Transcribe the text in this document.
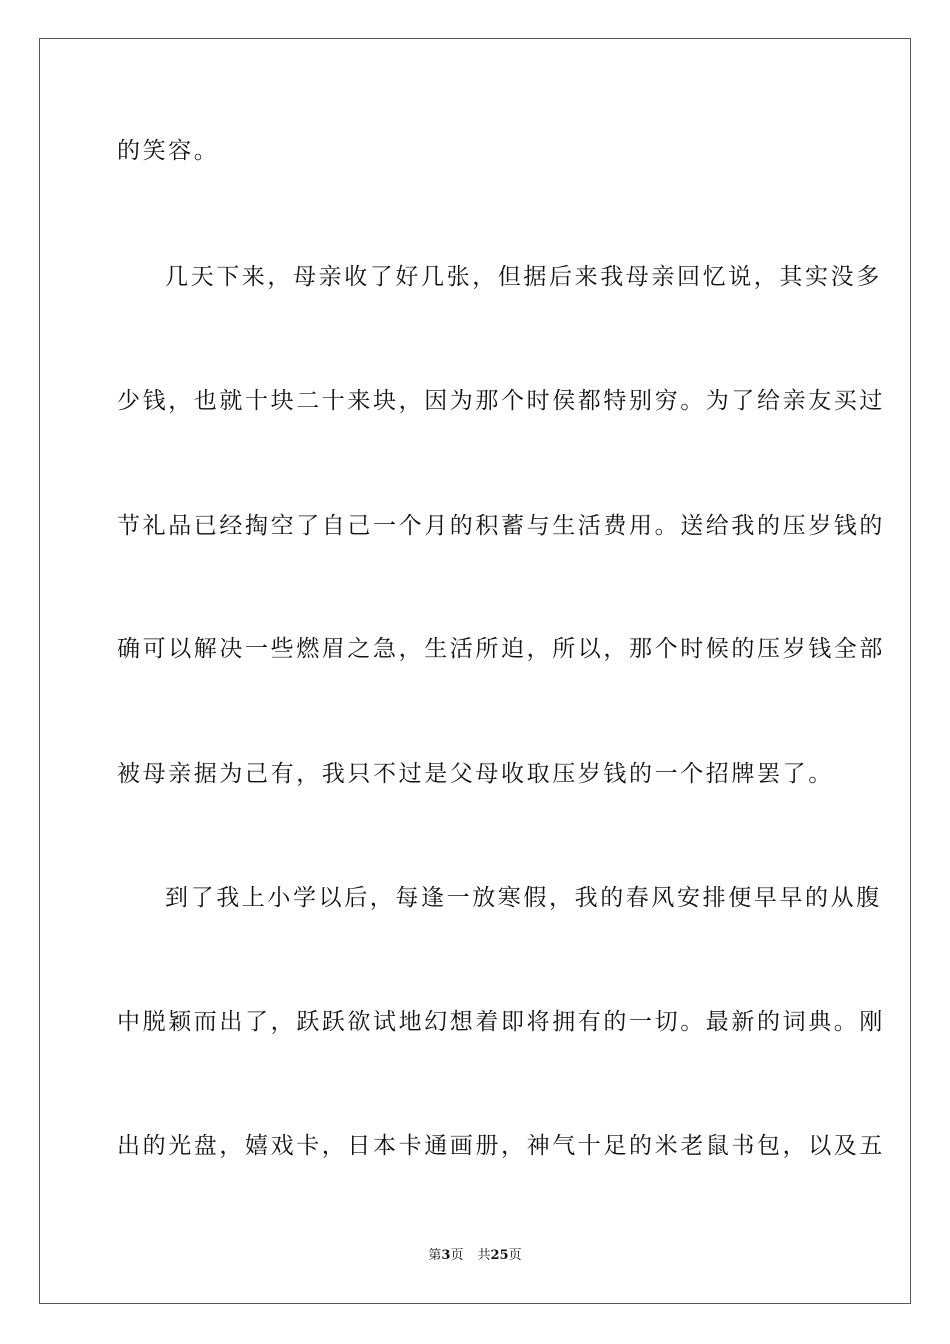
的笑容。
几天下来，母亲收了好几张，但据后来我母亲回忆说，其实没多
少钱，也就十块二十来块，因为那个时侯都特别穷。为了给亲友买过
节礼品已经掏空了自己一个月的积蓄与生活费用。送给我的压岁钱的
确可以解决一些燃眉之急，生活所迫，所以，那个时候的压岁钱全部
被母亲据为己有，我只不过是父母收取压岁钱的一个招牌罢了。
到了我上小学以后，每逢一放寒假，我的春风安排便早早的从腹
中脱颖而出了，跃跃欲试地幻想着即将拥有的一切。最新的词典。刚
出的光盘，嬉戏卡，日本卡通画册，神气十足的米老鼠书包，以及五
第3页 共25页
